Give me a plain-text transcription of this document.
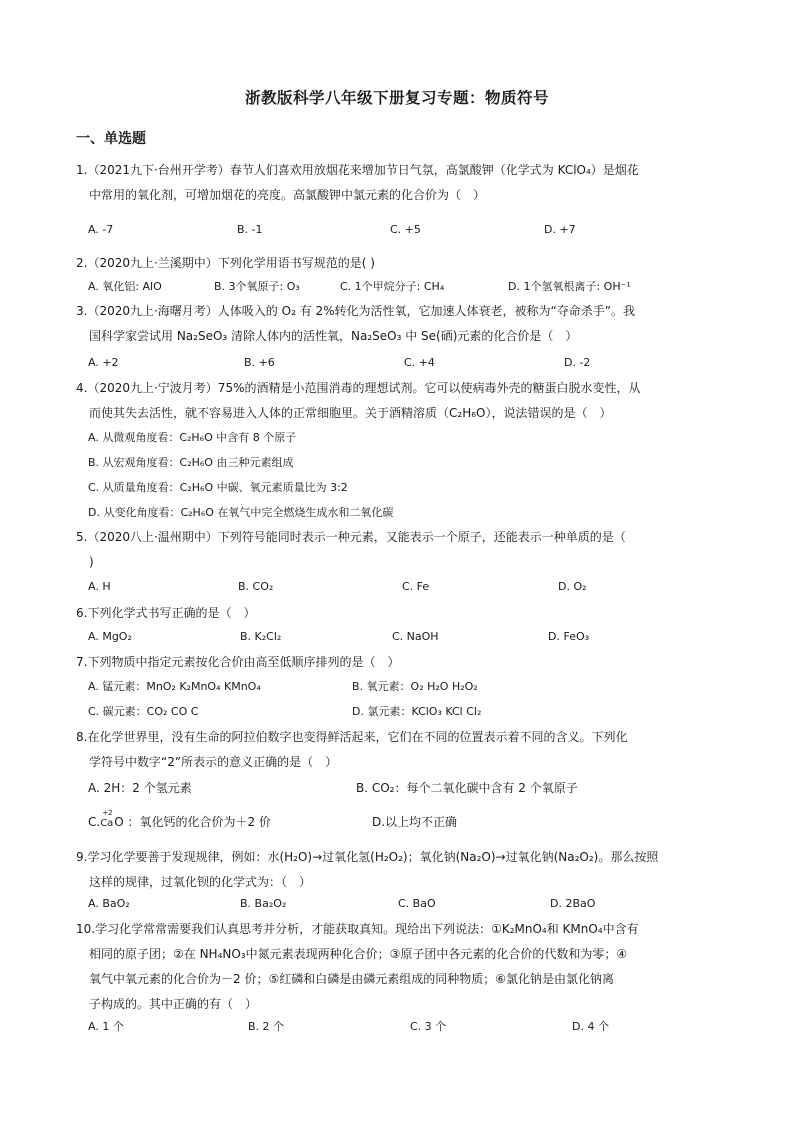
浙教版科学八年级下册复习专题：物质符号
一、单选题
1.（2021九下·台州开学考）春节人们喜欢用放烟花来增加节日气氛，高氯酸钾（化学式为 KClO₄）是烟花
中常用的氧化剂，可增加烟花的亮度。高氯酸钾中氯元素的化合价为（　）
A. -7	B. -1	C. +5	D. +7
2.（2020九上·兰溪期中）下列化学用语书写规范的是( )
A. 氧化铝: AlO	B. 3个氧原子: O₃	C. 1个甲烷分子: CH₄	D. 1个氢氧根离子: OH⁻¹
3.（2020九上·海曙月考）人体吸入的 O₂ 有 2%转化为活性氧，它加速人体衰老，被称为“夺命杀手”。我
国科学家尝试用 Na₂SeO₃ 清除人体内的活性氧，Na₂SeO₃ 中 Se(硒)元素的化合价是（　）
A. +2	B. +6	C. +4	D. -2
4.（2020九上·宁波月考）75%的酒精是小范围消毒的理想试剂。它可以使病毒外壳的糖蛋白脱水变性，从
而使其失去活性，就不容易进入人体的正常细胞里。关于酒精溶质（C₂H₆O），说法错误的是（　）
A. 从微观角度看：C₂H₆O 中含有 8 个原子
B. 从宏观角度看：C₂H₆O 由三种元素组成
C. 从质量角度看：C₂H₆O 中碳、氧元素质量比为 3:2
D. 从变化角度看：C₂H₆O 在氧气中完全燃烧生成水和二氧化碳
5.（2020八上·温州期中）下列符号能同时表示一种元素，又能表示一个原子，还能表示一种单质的是（
)
A. H	B. CO₂	C. Fe	D. O₂
6.下列化学式书写正确的是（　）
A. MgO₂	B. K₂Cl₂	C. NaOH	D. FeO₃
7.下列物质中指定元素按化合价由高至低顺序排列的是（　）
A. 锰元素：MnO₂ K₂MnO₄ KMnO₄	B. 氧元素：O₂ H₂O H₂O₂
C. 碳元素：CO₂ CO C	D. 氯元素：KClO₃ KCl Cl₂
8.在化学世界里，没有生命的阿拉伯数字也变得鲜活起来，它们在不同的位置表示着不同的含义。下列化
学符号中数字“2”所表示的意义正确的是（　）
A. 2H：2 个氢元素	B. CO₂：每个二氧化碳中含有 2 个氧原子
C.
+2
CaO ：氧化钙的化合价为＋2 价	D.以上均不正确
9.学习化学要善于发现规律，例如：水(H₂O)→过氧化氢(H₂O₂)；氧化钠(Na₂O)→过氧化钠(Na₂O₂)。那么按照
这样的规律，过氧化钡的化学式为：（　）
A. BaO₂	B. Ba₂O₂	C. BaO	D. 2BaO
10.学习化学常常需要我们认真思考并分析，才能获取真知。现给出下列说法：①K₂MnO₄和 KMnO₄中含有
相同的原子团；②在 NH₄NO₃中氮元素表现两种化合价；③原子团中各元素的化合价的代数和为零；④
氧气中氧元素的化合价为－2 价；⑤红磷和白磷是由磷元素组成的同种物质；⑥氯化钠是由氯化钠离
子构成的。其中正确的有（　）
A. 1 个	B. 2 个	C. 3 个	D. 4 个
